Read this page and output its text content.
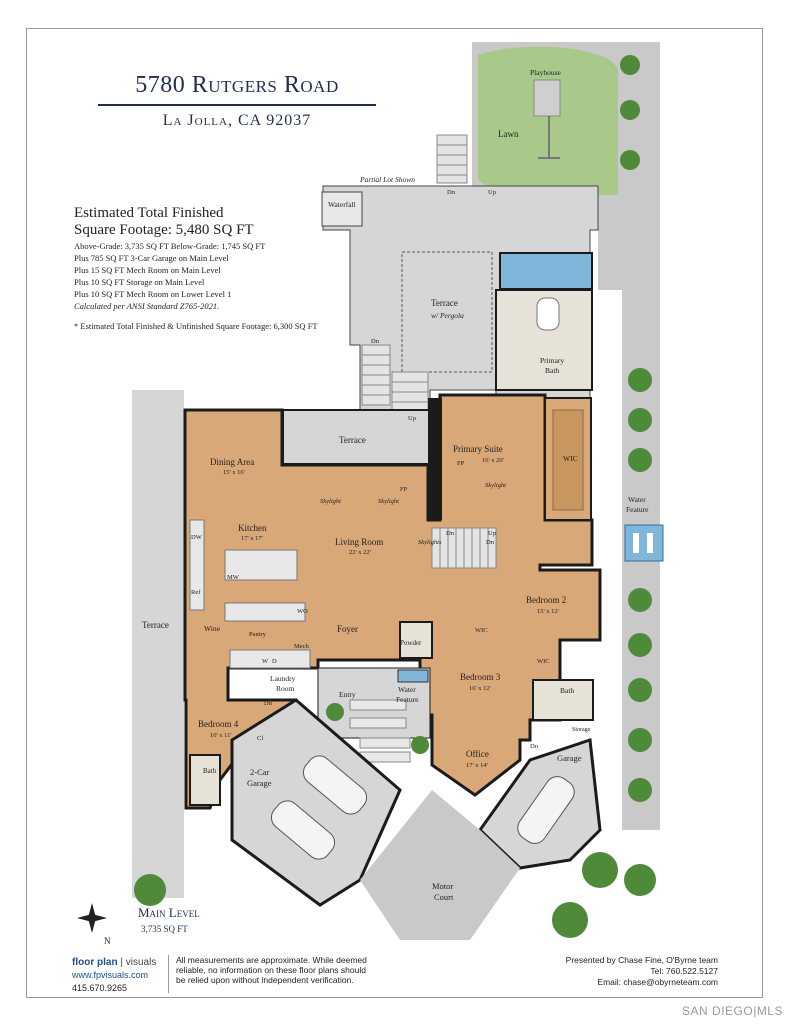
5780 Rutgers Road
La Jolla, CA 92037
Estimated Total Finished
Square Footage: 5,480 SQ FT
Above-Grade: 3,735 SQ FT Below-Grade: 1,745 SQ FT
Plus 785 SQ FT 3-Car Garage on Main Level
Plus 15 SQ FT Mech Room on Main Level
Plus 10 SQ FT Storage on Main Level
Plus 10 SQ FT Mech Room on Lower Level 1
Calculated per ANSI Standard Z765-2021.
* Estimated Total Finished & Unfinished Square Footage: 6,300 SQ FT
Partial Lot Shown
Playhouse
Lawn
Waterfall
Terrace
w/ Pergola
Primary
Bath
Terrace
Primary Suite
16' x 20'	WIC
FP
Skylight
Water
Feature
Dining Area
15' x 16'
Skylight	Skylight
FP
Kitchen
17' x 17'	Living Room
22' x 22'
Skylights
DW
MW
Ref
Wine
Pantry
WO
Mech
Foyer
Powder
WIC
Bedroom 2
15' x 12'
WIC
Bedroom 3
16' x 12'	Bath
Terrace
W D
Laundry
Room
Entry
Water
Feature
Bedroom 4
10' x 11'	Cl
Bath	2-Car
Garage
Office
17' x 14'
Storage
Garage
Motor
Court
Dn	Up
Dn
Up
Dn	Up
Dn
Dn
Dn
N
Main Level
3,735 SQ FT
floor plan | visuals
www.fpvisuals.com
415.670.9265
All measurements are approximate. While deemed reliable, no information on these floor plans should be relied upon without independent verification.
Presented by Chase Fine, O'Byrne team
Tel: 760.522.5127
Email: chase@obyrneteam.com
SAN DIEGO|MLS
